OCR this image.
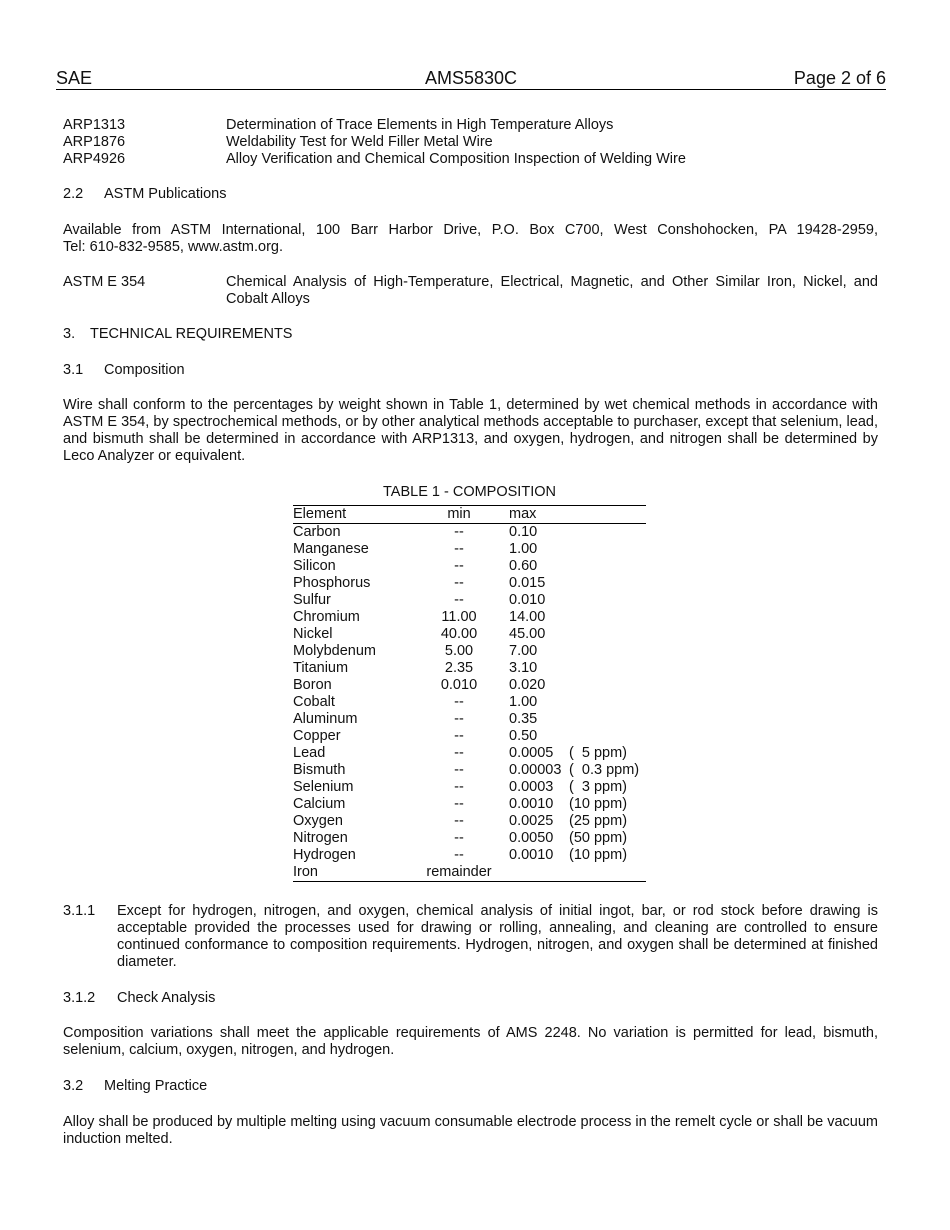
SAE	AMS5830C	Page 2 of 6
ARP1313	Determination of Trace Elements in High Temperature Alloys
ARP1876	Weldability Test for Weld Filler Metal Wire
ARP4926	Alloy Verification and Chemical Composition Inspection of Welding Wire
2.2 ASTM Publications
Available from ASTM International, 100 Barr Harbor Drive, P.O. Box C700, West Conshohocken, PA 19428-2959,
Tel: 610-832-9585, www.astm.org.
ASTM E 354	Chemical Analysis of High-Temperature, Electrical, Magnetic, and Other Similar Iron, Nickel, and
Cobalt Alloys
3. TECHNICAL REQUIREMENTS
3.1 Composition
Wire shall conform to the percentages by weight shown in Table 1, determined by wet chemical methods in accordance with ASTM E 354, by spectrochemical methods, or by other analytical methods acceptable to purchaser, except that selenium, lead, and bismuth shall be determined in accordance with ARP1313, and oxygen, hydrogen, and nitrogen shall be determined by Leco Analyzer or equivalent.
TABLE 1 - COMPOSITION
Element	min	max	
Carbon	--	0.10	
Manganese	--	1.00	
Silicon	--	0.60	
Phosphorus	--	0.015	
Sulfur	--	0.010	
Chromium	11.00	14.00	
Nickel	40.00	45.00	
Molybdenum	5.00	7.00	
Titanium	2.35	3.10	
Boron	0.010	0.020	
Cobalt	--	1.00	
Aluminum	--	0.35	
Copper	--	0.50	
Lead	--	0.0005	(  5 ppm)
Bismuth	--	0.00003	(  0.3 ppm)
Selenium	--	0.0003	(  3 ppm)
Calcium	--	0.0010	(10 ppm)
Oxygen	--	0.0025	(25 ppm)
Nitrogen	--	0.0050	(50 ppm)
Hydrogen	--	0.0010	(10 ppm)
Iron	remainder		
3.1.1 Except for hydrogen, nitrogen, and oxygen, chemical analysis of initial ingot, bar, or rod stock before drawing is acceptable provided the processes used for drawing or rolling, annealing, and cleaning are controlled to ensure continued conformance to composition requirements. Hydrogen, nitrogen, and oxygen shall be determined at finished diameter.
3.1.2 Check Analysis
Composition variations shall meet the applicable requirements of AMS 2248. No variation is permitted for lead, bismuth, selenium, calcium, oxygen, nitrogen, and hydrogen.
3.2 Melting Practice
Alloy shall be produced by multiple melting using vacuum consumable electrode process in the remelt cycle or shall be vacuum induction melted.
